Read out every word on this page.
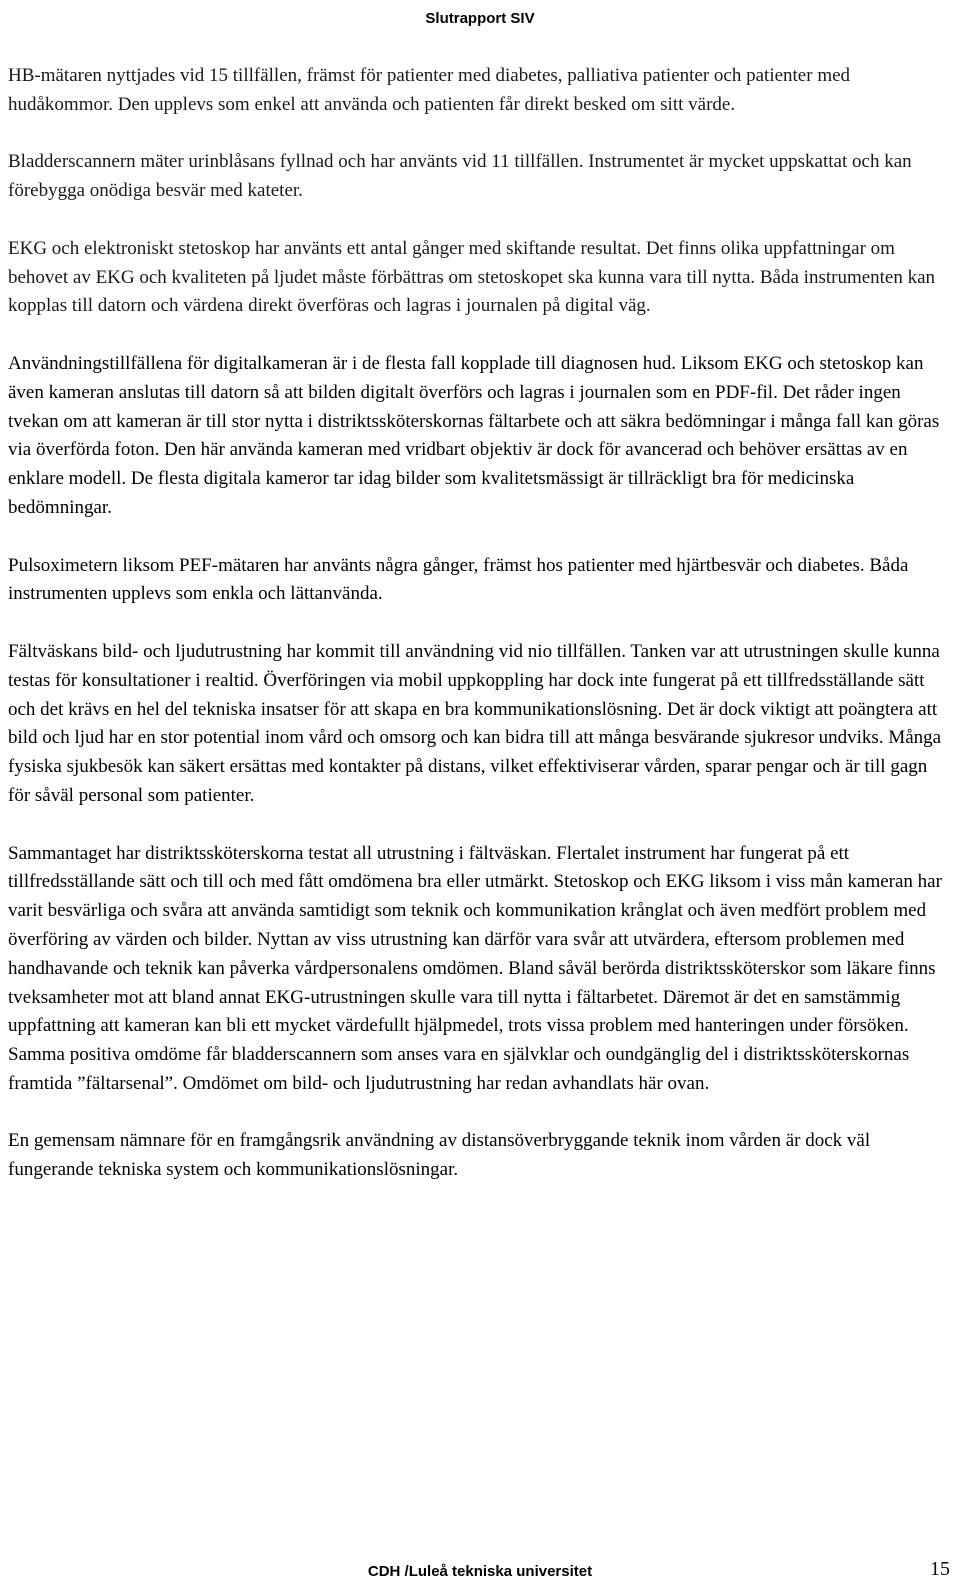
Slutrapport SIV

HB-mätaren nyttjades vid 15 tillfällen, främst för patienter med diabetes, palliativa patienter och patienter med hudåkommor. Den upplevs som enkel att använda och patienten får direkt besked om sitt värde.

Bladderscannern mäter urinblåsans fyllnad och har använts vid 11 tillfällen. Instrumentet är mycket uppskattat och kan förebygga onödiga besvär med kateter.

EKG och elektroniskt stetoskop har använts ett antal gånger med skiftande resultat. Det finns olika uppfattningar om behovet av EKG och kvaliteten på ljudet måste förbättras om stetoskopet ska kunna vara till nytta. Båda instrumenten kan kopplas till datorn och värdena direkt överföras och lagras i journalen på digital väg.

Användningstillfällena för digitalkameran är i de flesta fall kopplade till diagnosen hud. Liksom EKG och stetoskop kan även kameran anslutas till datorn så att bilden digitalt överförs och lagras i journalen som en PDF-fil. Det råder ingen tvekan om att kameran är till stor nytta i distriktssköterskornas fältarbete och att säkra bedömningar i många fall kan göras via överförda foton. Den här använda kameran med vridbart objektiv är dock för avancerad och behöver ersättas av en enklare modell. De flesta digitala kameror tar idag bilder som kvalitetsmässigt är tillräckligt bra för medicinska bedömningar.

Pulsoximetern liksom PEF-mätaren har använts några gånger, främst hos patienter med hjärtbesvär och diabetes. Båda instrumenten upplevs som enkla och lättanvända.

Fältväskans bild- och ljudutrustning har kommit till användning vid nio tillfällen. Tanken var att utrustningen skulle kunna testas för konsultationer i realtid. Överföringen via mobil uppkoppling har dock inte fungerat på ett tillfredsställande sätt och det krävs en hel del tekniska insatser för att skapa en bra kommunikationslösning. Det är dock viktigt att poängtera att bild och ljud har en stor potential inom vård och omsorg och kan bidra till att många besvärande sjukresor undviks. Många fysiska sjukbesök kan säkert ersättas med kontakter på distans, vilket effektiviserar vården, sparar pengar och är till gagn för såväl personal som patienter.

Sammantaget har distriktssköterskorna testat all utrustning i fältväskan. Flertalet instrument har fungerat på ett tillfredsställande sätt och till och med fått omdömena bra eller utmärkt. Stetoskop och EKG liksom i viss mån kameran har varit besvärliga och svåra att använda samtidigt som teknik och kommunikation krånglat och även medfört problem med överföring av värden och bilder. Nyttan av viss utrustning kan därför vara svår att utvärdera, eftersom problemen med handhavande och teknik kan påverka vårdpersonalens omdömen. Bland såväl berörda distriktssköterskor som läkare finns tveksamheter mot att bland annat EKG-utrustningen skulle vara till nytta i fältarbetet. Däremot är det en samstämmig uppfattning att kameran kan bli ett mycket värdefullt hjälpmedel, trots vissa problem med hanteringen under försöken. Samma positiva omdöme får bladderscannern som anses vara en självklar och oundgänglig del i distriktssköterskornas framtida ”fältarsenal”. Omdömet om bild- och ljudutrustning har redan avhandlats här ovan.

En gemensam nämnare för en framgångsrik användning av distansöverbryggande teknik inom vården är dock väl fungerande tekniska system och kommunikationslösningar.

CDH /Luleå tekniska universitet	15
